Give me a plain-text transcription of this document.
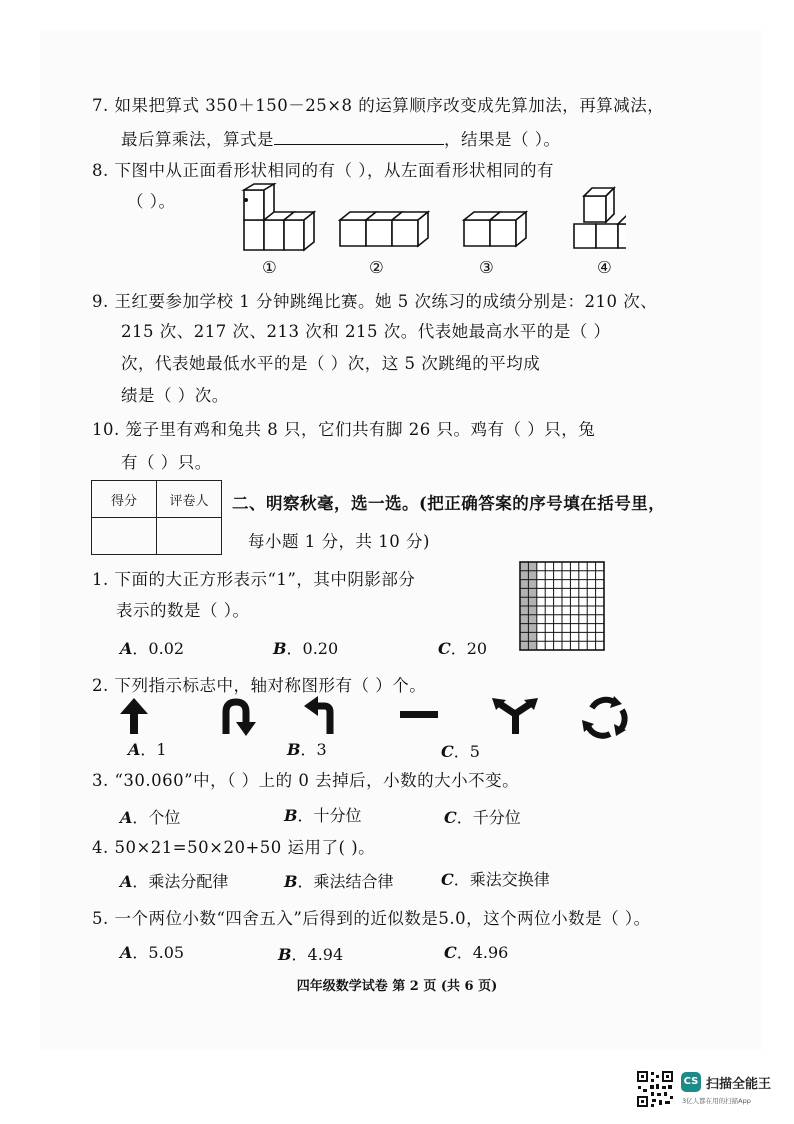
7. 如果把算式 350＋150－25×8 的运算顺序改变成先算加法，再算减法，
最后算乘法，算式是	，结果是（ ）。
8. 下图中从正面看形状相同的有（ ），从左面看形状相同的有
（ ）。
①	②	③	④
9. 王红要参加学校 1 分钟跳绳比赛。她 5 次练习的成绩分别是：210 次、
215 次、217 次、213 次和 215 次。代表她最高水平的是（ ）
次，代表她最低水平的是（ ）次，这 5 次跳绳的平均成
绩是（ ）次。
10. 笼子里有鸡和兔共 8 只，它们共有脚 26 只。鸡有（ ）只，兔
有（ ）只。
得分	评卷人
	二、明察秋毫，选一选。(把正确答案的序号填在括号里，
每小题 1 分，共 10 分)
1. 下面的大正方形表示“1”，其中阴影部分
表示的数是（ ）。
A．0.02	B．0.20	C．20
2. 下列指示标志中，轴对称图形有（ ）个。
A．1	B．3	C．5
3. “30.060”中，（ ）上的 0 去掉后，小数的大小不变。
A．个位	B．十分位	C．千分位
4. 50×21=50×20+50 运用了( )。
A．乘法分配律	B．乘法结合律	C．乘法交换律
5. 一个两位小数“四舍五入”后得到的近似数是5.0，这个两位小数是（ ）。
A．5.05	B．4.94	C．4.96
四年级数学试卷 第 2 页 (共 6 页)
CS 扫描全能王
3亿人都在用的扫描App
